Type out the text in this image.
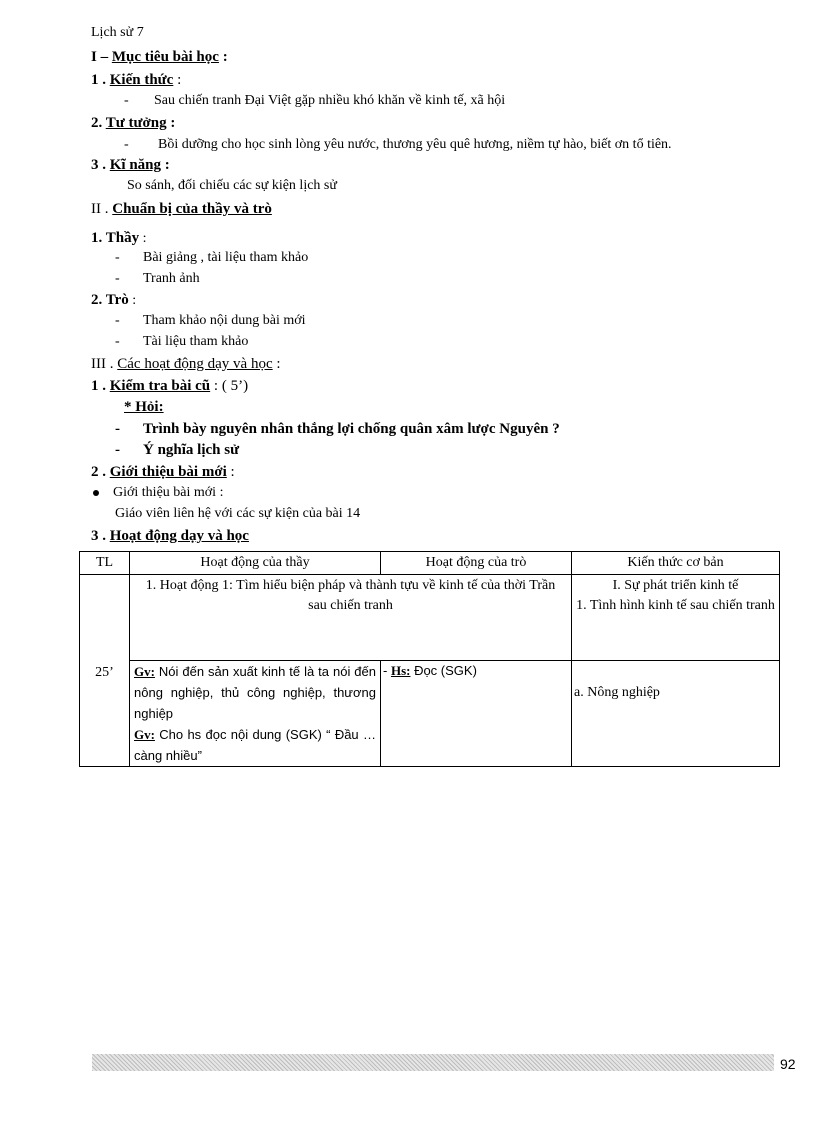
Lịch sử 7
I – Mục tiêu bài học :
1 . Kiến thức :
- Sau chiến tranh Đại Việt gặp nhiều khó khăn về kinh tế, xã hội
2. Tư tưởng :
- Bồi dưỡng cho học sinh lòng yêu nước, thương yêu quê hương, niềm tự hào, biết ơn tổ tiên.
3 . Kĩ năng :
So sánh, đối chiếu các sự kiện lịch sử
II . Chuẩn bị của thầy và trò
1. Thầy :
- Bài giảng , tài liệu tham khảo
- Tranh ảnh
2. Trò :
- Tham khảo nội dung bài mới
- Tài liệu tham khảo
III . Các hoạt động dạy và học :
1 . Kiểm tra bài cũ : ( 5’)
* Hỏi:
- Trình bày nguyên nhân thắng lợi chống quân xâm lược Nguyên ?
- Ý nghĩa lịch sử
2 . Giới thiệu bài mới :
Giới thiệu bài mới :
Giáo viên liên hệ với các sự kiện của bài 14
3 . Hoạt động dạy và học
TL	Hoạt động của thầy	Hoạt động của trò	Kiến thức cơ bản
25’	1. Hoạt động 1: Tìm hiểu biện pháp và thành tựu về kinh tế của thời Trần sau chiến tranh		I. Sự phát triển kinh tế
1. Tình hình kinh tế sau chiến tranh

	Gv: Nói đến sản xuất kinh tế là ta nói đến nông nghiệp, thủ công nghiệp, thương nghiệp
Gv: Cho hs đọc nội dung (SGK) “ Đầu … càng nhiều”	- Hs: Đọc (SGK)	a. Nông nghiệp
92
